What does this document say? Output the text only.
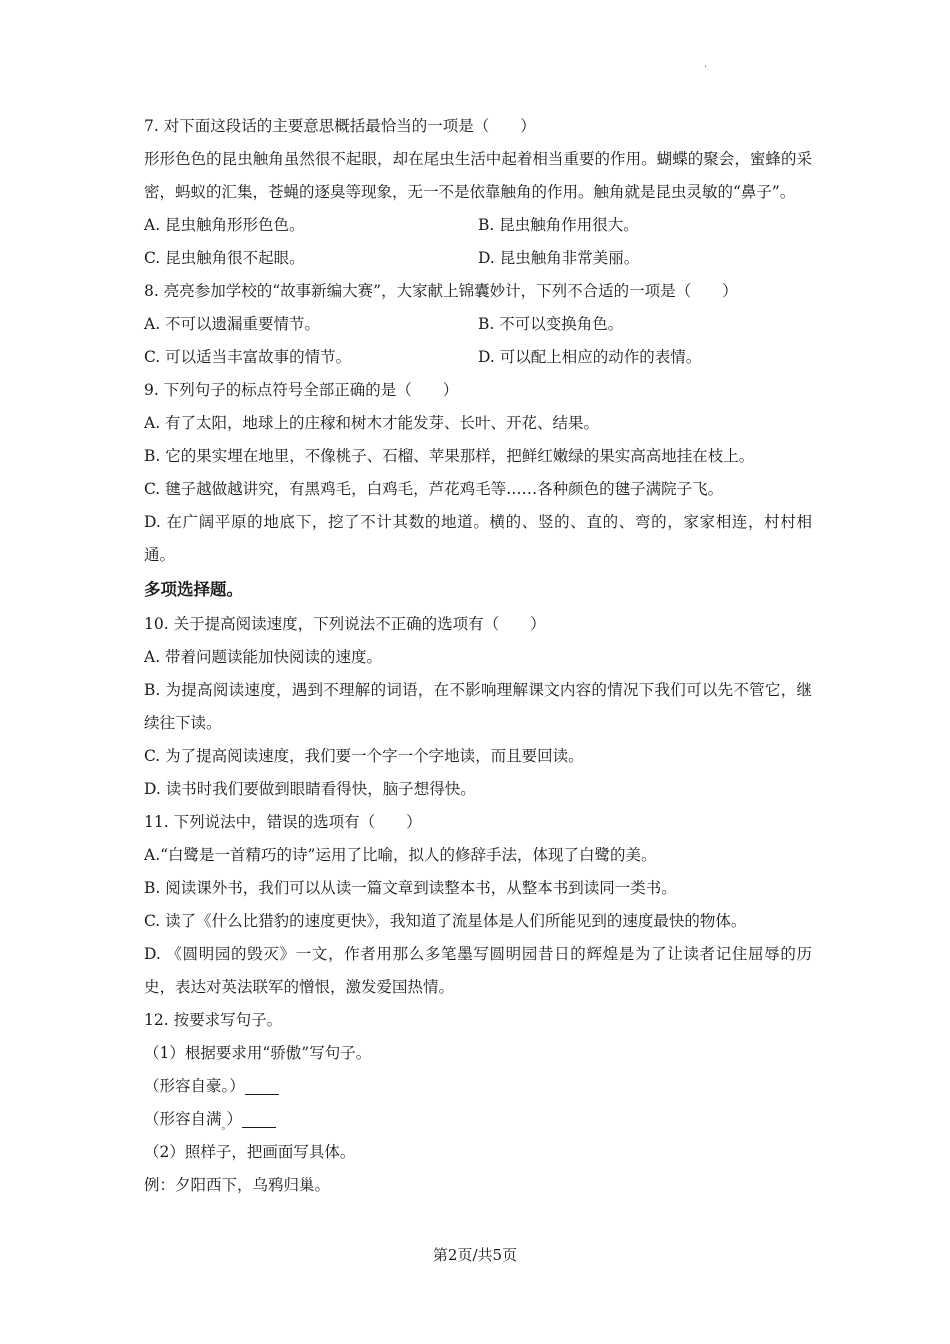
·
7. 对下面这段话的主要意思概括最恰当的一项是（　　）
形形色色的昆虫触角虽然很不起眼，却在尾虫生活中起着相当重要的作用。蝴蝶的聚会，蜜蜂的采密，蚂蚁的汇集，苍蝇的逐臭等现象，无一不是依靠触角的作用。触角就是昆虫灵敏的“鼻子”。
A. 昆虫触角形形色色。	B. 昆虫触角作用很大。
C. 昆虫触角很不起眼。	D. 昆虫触角非常美丽。
8. 亮亮参加学校的“故事新编大赛”，大家献上锦囊妙计，下列不合适的一项是（　　）
A. 不可以遗漏重要情节。	B. 不可以变换角色。
C. 可以适当丰富故事的情节。	D. 可以配上相应的动作的表情。
9. 下列句子的标点符号全部正确的是（　　）
A. 有了太阳，地球上的庄稼和树木才能发芽、长叶、开花、结果。
B. 它的果实埋在地里，不像桃子、石榴、苹果那样，把鲜红嫩绿的果实高高地挂在枝上。
C. 毽子越做越讲究，有黑鸡毛，白鸡毛，芦花鸡毛等……各种颜色的毽子满院子飞。
D. 在广阔平原的地底下，挖了不计其数的地道。横的、竖的、直的、弯的，家家相连，村村相通。
多项选择题。
10. 关于提高阅读速度，下列说法不正确的选项有（　　）
A. 带着问题读能加快阅读的速度。
B. 为提高阅读速度，遇到不理解的词语，在不影响理解课文内容的情况下我们可以先不管它，继续往下读。
C. 为了提高阅读速度，我们要一个字一个字地读，而且要回读。
D. 读书时我们要做到眼睛看得快，脑子想得快。
11. 下列说法中，错误的选项有（　　）
A.“白鹭是一首精巧的诗”运用了比喻，拟人的修辞手法，体现了白鹭的美。
B. 阅读课外书，我们可以从读一篇文章到读整本书，从整本书到读同一类书。
C. 读了《什么比猎豹的速度更快》，我知道了流星体是人们所能见到的速度最快的物体。
D. 《圆明园的毁灭》一文，作者用那么多笔墨写圆明园昔日的辉煌是为了让读者记住屈辱的历史，表达对英法联军的憎恨，激发爱国热情。
12. 按要求写句子。
（1）根据要求用“骄傲”写句子。
（形容自豪。）
（形容自满$_。$）
（2）照样子，把画面写具体。
例：夕阳西下，乌鸦归巢。
第2页/共5页
